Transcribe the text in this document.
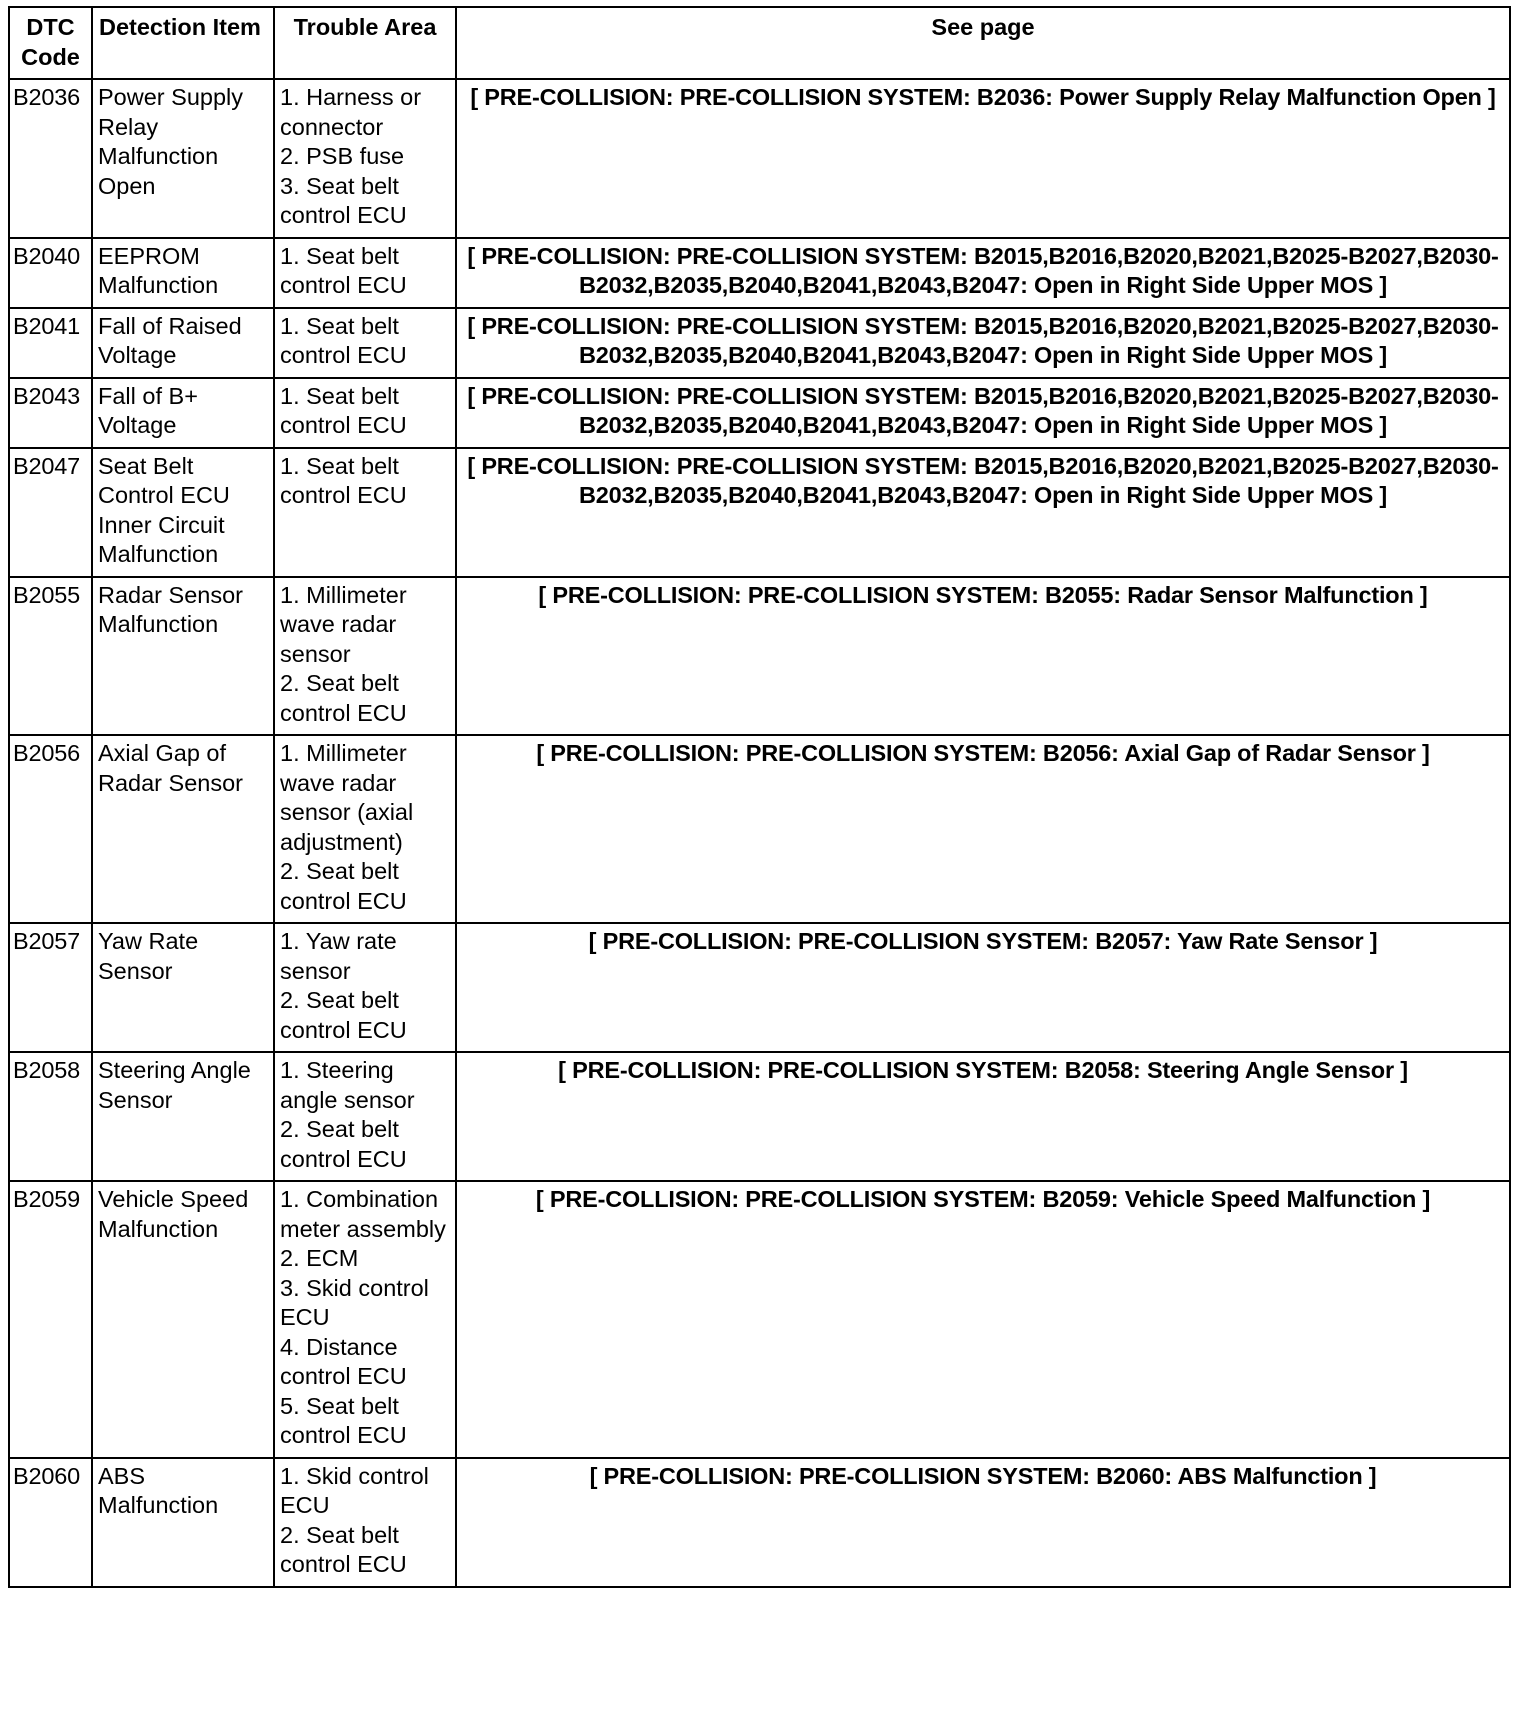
DTC Code	Detection Item	Trouble Area	See page
B2036	Power Supply Relay Malfunction Open	1. Harness or connector
2. PSB fuse
3. Seat belt control ECU	[ PRE-COLLISION: PRE-COLLISION SYSTEM: B2036: Power Supply Relay Malfunction Open ]
B2040	EEPROM Malfunction	1. Seat belt control ECU	[ PRE-COLLISION: PRE-COLLISION SYSTEM: B2015,B2016,B2020,B2021,B2025-B2027,B2030-B2032,B2035,B2040,B2041,B2043,B2047: Open in Right Side Upper MOS ]
B2041	Fall of Raised Voltage	1. Seat belt control ECU	[ PRE-COLLISION: PRE-COLLISION SYSTEM: B2015,B2016,B2020,B2021,B2025-B2027,B2030-B2032,B2035,B2040,B2041,B2043,B2047: Open in Right Side Upper MOS ]
B2043	Fall of B+ Voltage	1. Seat belt control ECU	[ PRE-COLLISION: PRE-COLLISION SYSTEM: B2015,B2016,B2020,B2021,B2025-B2027,B2030-B2032,B2035,B2040,B2041,B2043,B2047: Open in Right Side Upper MOS ]
B2047	Seat Belt Control ECU Inner Circuit Malfunction	1. Seat belt control ECU	[ PRE-COLLISION: PRE-COLLISION SYSTEM: B2015,B2016,B2020,B2021,B2025-B2027,B2030-B2032,B2035,B2040,B2041,B2043,B2047: Open in Right Side Upper MOS ]
B2055	Radar Sensor Malfunction	1. Millimeter wave radar sensor
2. Seat belt control ECU	[ PRE-COLLISION: PRE-COLLISION SYSTEM: B2055: Radar Sensor Malfunction ]
B2056	Axial Gap of Radar Sensor	1. Millimeter wave radar sensor (axial adjustment)
2. Seat belt control ECU	[ PRE-COLLISION: PRE-COLLISION SYSTEM: B2056: Axial Gap of Radar Sensor ]
B2057	Yaw Rate Sensor	1. Yaw rate sensor
2. Seat belt control ECU	[ PRE-COLLISION: PRE-COLLISION SYSTEM: B2057: Yaw Rate Sensor ]
B2058	Steering Angle Sensor	1. Steering angle sensor
2. Seat belt control ECU	[ PRE-COLLISION: PRE-COLLISION SYSTEM: B2058: Steering Angle Sensor ]
B2059	Vehicle Speed Malfunction	1. Combination meter assembly
2. ECM
3. Skid control ECU
4. Distance control ECU
5. Seat belt control ECU	[ PRE-COLLISION: PRE-COLLISION SYSTEM: B2059: Vehicle Speed Malfunction ]
B2060	ABS Malfunction	1. Skid control ECU
2. Seat belt control ECU	[ PRE-COLLISION: PRE-COLLISION SYSTEM: B2060: ABS Malfunction ]
